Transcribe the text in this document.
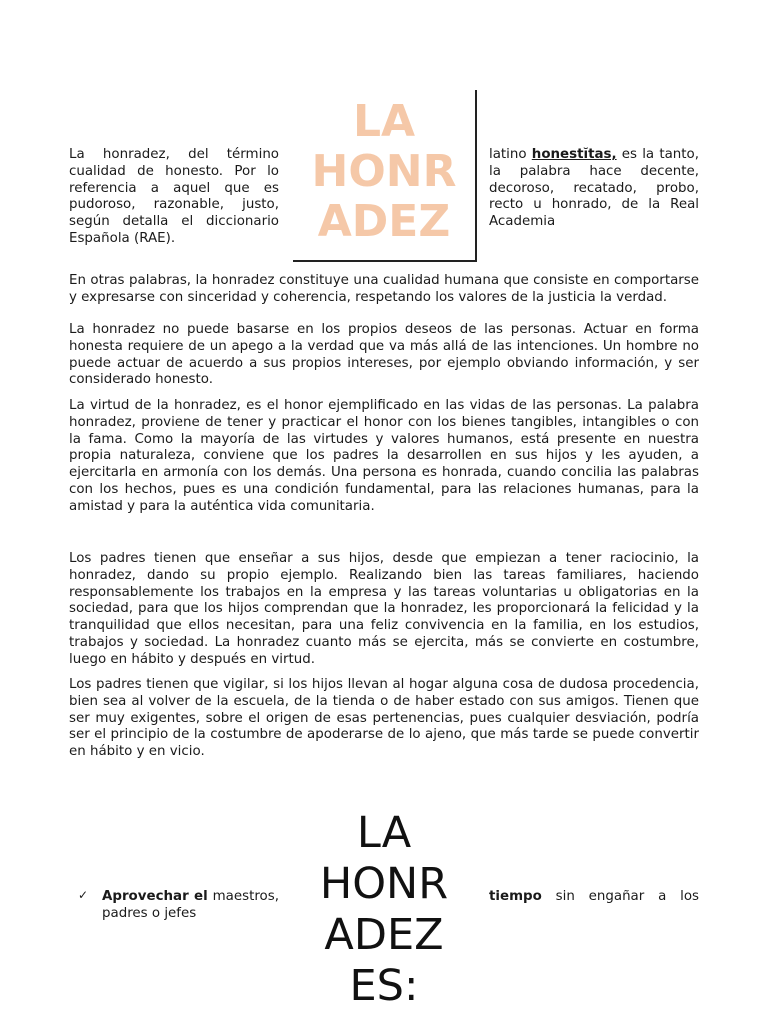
LA
HONR
ADEZ
La honradez, del término cualidad de honesto. Por lo referencia a aquel que es pudoroso, razonable, justo, según detalla el diccionario Española (RAE).
latino honestĭtas, es la tanto, la palabra hace decente, decoroso, recatado, probo, recto u honrado, de la Real Academia

En otras palabras, la honradez constituye una cualidad humana que consiste en comportarse y expresarse con sinceridad y coherencia, respetando los valores de la justicia la verdad.

La honradez no puede basarse en los propios deseos de las personas. Actuar en forma honesta requiere de un apego a la verdad que va más allá de las intenciones. Un hombre no puede actuar de acuerdo a sus propios intereses, por ejemplo obviando información, y ser considerado honesto.

La virtud de la honradez, es el honor ejemplificado en las vidas de las personas. La palabra honradez, proviene de tener y practicar el honor con los bienes tangibles, intangibles o con la fama. Como la mayoría de las virtudes y valores humanos, está presente en nuestra propia naturaleza, conviene que los padres la desarrollen en sus hijos y les ayuden, a ejercitarla en armonía con los demás. Una persona es honrada, cuando concilia las palabras con los hechos, pues es una condición fundamental, para las relaciones humanas, para la amistad y para la auténtica vida comunitaria.

Los padres tienen que enseñar a sus hijos, desde que empiezan a tener raciocinio, la honradez, dando su propio ejemplo. Realizando bien las tareas familiares, haciendo responsablemente los trabajos en la empresa y las tareas voluntarias u obligatorias en la sociedad, para que los hijos comprendan que la honradez, les proporcionará la felicidad y la tranquilidad que ellos necesitan, para una feliz convivencia en la familia, en los estudios, trabajos y sociedad. La honradez cuanto más se ejercita, más se convierte en costumbre, luego en hábito y después en virtud.

Los padres tienen que vigilar, si los hijos llevan al hogar alguna cosa de dudosa procedencia, bien sea al volver de la escuela, de la tienda o de haber estado con sus amigos. Tienen que ser muy exigentes, sobre el origen de esas pertenencias, pues cualquier desviación, podría ser el principio de la costumbre de apoderarse de lo ajeno, que más tarde se puede convertir en hábito y en vicio.

LA
HONR
ADEZ
ES:
✓ Aprovechar el maestros, padres o jefes
tiempo sin engañar a los
